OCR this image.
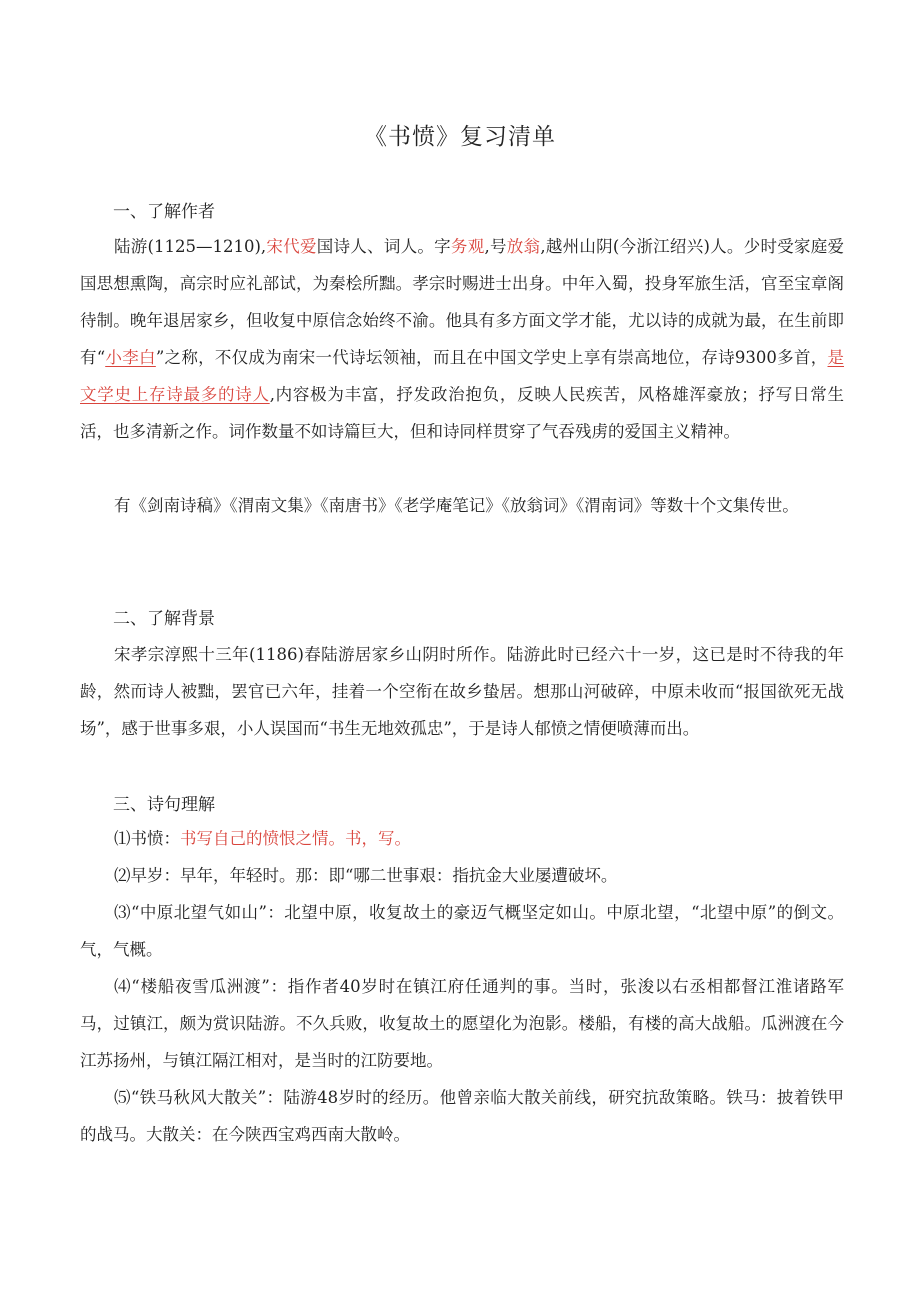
《书愤》复习清单
一、了解作者
陆游(1125—1210),宋代爱国诗人、词人。字务观,号放翁,越州山阴(今浙江绍兴)人。少时受家庭爱国思想熏陶，高宗时应礼部试，为秦桧所黜。孝宗时赐进士出身。中年入蜀，投身军旅生活，官至宝章阁待制。晚年退居家乡，但收复中原信念始终不渝。他具有多方面文学才能，尤以诗的成就为最，在生前即有“小李白”之称，不仅成为南宋一代诗坛领袖，而且在中国文学史上享有崇高地位，存诗9300多首，是文学史上存诗最多的诗人,内容极为丰富，抒发政治抱负，反映人民疾苦，风格雄浑豪放；抒写日常生活，也多清新之作。词作数量不如诗篇巨大，但和诗同样贯穿了气吞残虏的爱国主义精神。
有《剑南诗稿》《渭南文集》《南唐书》《老学庵笔记》《放翁词》《渭南词》等数十个文集传世。
二、了解背景
宋孝宗淳熙十三年(1186)春陆游居家乡山阴时所作。陆游此时已经六十一岁，这已是时不待我的年龄，然而诗人被黜，罢官已六年，挂着一个空衔在故乡蛰居。想那山河破碎，中原未收而“报国欲死无战场”，感于世事多艰，小人误国而“书生无地效孤忠”，于是诗人郁愤之情便喷薄而出。
三、诗句理解
⑴书愤：书写自己的愤恨之情。书，写。
⑵早岁：早年，年轻时。那：即“哪二世事艰：指抗金大业屡遭破坏。
⑶“中原北望气如山”：北望中原，收复故土的豪迈气概坚定如山。中原北望，“北望中原”的倒文。气，气概。
⑷“楼船夜雪瓜洲渡”：指作者40岁时在镇江府任通判的事。当时，张浚以右丞相都督江淮诸路军马，过镇江，颇为赏识陆游。不久兵败，收复故土的愿望化为泡影。楼船，有楼的高大战船。瓜洲渡在今江苏扬州，与镇江隔江相对，是当时的江防要地。
⑸“铁马秋风大散关”：陆游48岁时的经历。他曾亲临大散关前线，研究抗敌策略。铁马：披着铁甲的战马。大散关：在今陕西宝鸡西南大散岭。
